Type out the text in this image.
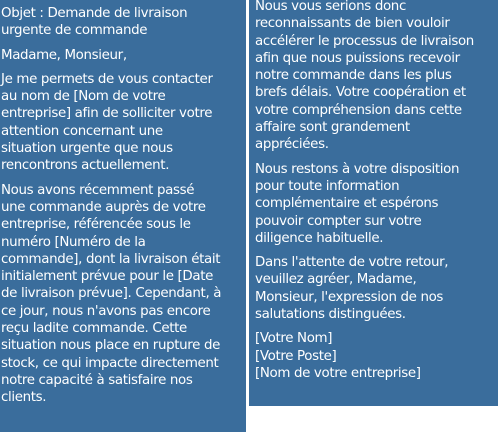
Objet : Demande de livraison
urgente de commande

Madame, Monsieur,

Je me permets de vous contacter
au nom de [Nom de votre
entreprise] afin de solliciter votre
attention concernant une
situation urgente que nous
rencontrons actuellement.

Nous avons récemment passé
une commande auprès de votre
entreprise, référencée sous le
numéro [Numéro de la
commande], dont la livraison était
initialement prévue pour le [Date
de livraison prévue]. Cependant, à
ce jour, nous n'avons pas encore
reçu ladite commande. Cette
situation nous place en rupture de
stock, ce qui impacte directement
notre capacité à satisfaire nos
clients.

Nous vous serions donc
reconnaissants de bien vouloir
accélérer le processus de livraison
afin que nous puissions recevoir
notre commande dans les plus
brefs délais. Votre coopération et
votre compréhension dans cette
affaire sont grandement
appréciées.

Nous restons à votre disposition
pour toute information
complémentaire et espérons
pouvoir compter sur votre
diligence habituelle.

Dans l'attente de votre retour,
veuillez agréer, Madame,
Monsieur, l'expression de nos
salutations distinguées.

[Votre Nom]
[Votre Poste]
[Nom de votre entreprise]
